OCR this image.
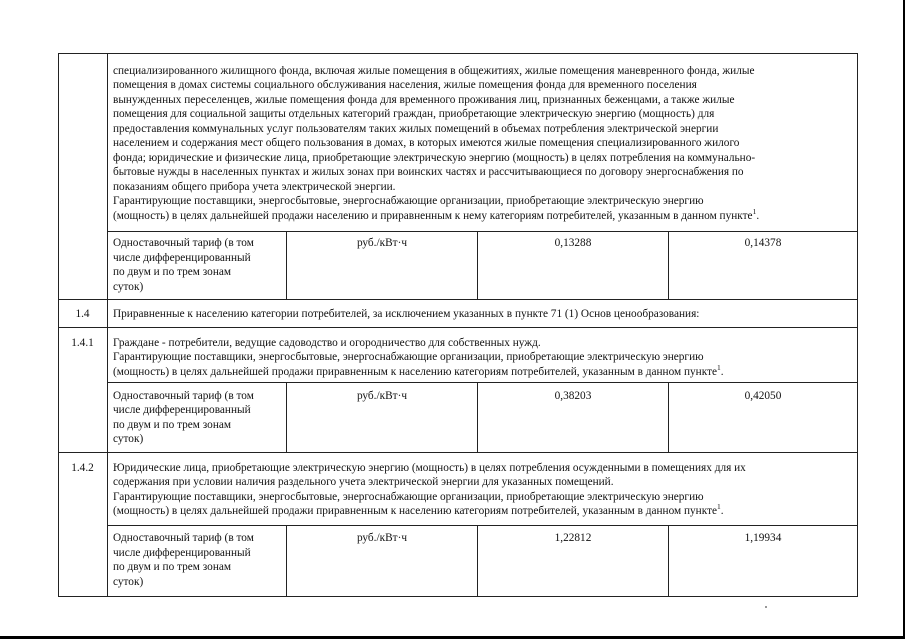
специализированного жилищного фонда, включая жилые помещения в общежитиях, жилые помещения маневренного фонда, жилые
помещения в домах системы социального обслуживания населения, жилые помещения фонда для временного поселения
вынужденных переселенцев, жилые помещения фонда для временного проживания лиц, признанных беженцами, а также жилые
помещения для социальной защиты отдельных категорий граждан, приобретающие электрическую энергию (мощность) для
предоставления коммунальных услуг пользователям таких жилых помещений в объемах потребления электрической энергии
населением и содержания мест общего пользования в домах, в которых имеются жилые помещения специализированного жилого
фонда; юридические и физические лица, приобретающие электрическую энергию (мощность) в целях потребления на коммунально-
бытовые нужды в населенных пунктах и жилых зонах при воинских частях и рассчитывающиеся по договору энергоснабжения по
показаниям общего прибора учета электрической энергии.
Гарантирующие поставщики, энергосбытовые, энергоснабжающие организации, приобретающие электрическую энергию
(мощность) в целях дальнейшей продажи населению и приравненным к нему категориям потребителей, указанным в данном пункте$^1$.
Одноставочный тариф (в том
числе дифференцированный
по двум и по трем зонам
суток)
руб./кВт·ч	0,13288	0,14378
1.4	Приравненные к населению категории потребителей, за исключением указанных в пункте 71 (1) Основ ценообразования:
1.4.1	Граждане - потребители, ведущие садоводство и огородничество для собственных нужд.
Гарантирующие поставщики, энергосбытовые, энергоснабжающие организации, приобретающие электрическую энергию
(мощность) в целях дальнейшей продажи приравненным к населению категориям потребителей, указанным в данном пункте$^1$.
Одноставочный тариф (в том
числе дифференцированный
по двум и по трем зонам
суток)
руб./кВт·ч	0,38203	0,42050
1.4.2	Юридические лица, приобретающие электрическую энергию (мощность) в целях потребления осужденными в помещениях для их
содержания при условии наличия раздельного учета электрической энергии для указанных помещений.
Гарантирующие поставщики, энергосбытовые, энергоснабжающие организации, приобретающие электрическую энергию
(мощность) в целях дальнейшей продажи приравненным к населению категориям потребителей, указанным в данном пункте$^1$.
Одноставочный тариф (в том
числе дифференцированный
по двум и по трем зонам
суток)
руб./кВт·ч	1,22812	1,19934
